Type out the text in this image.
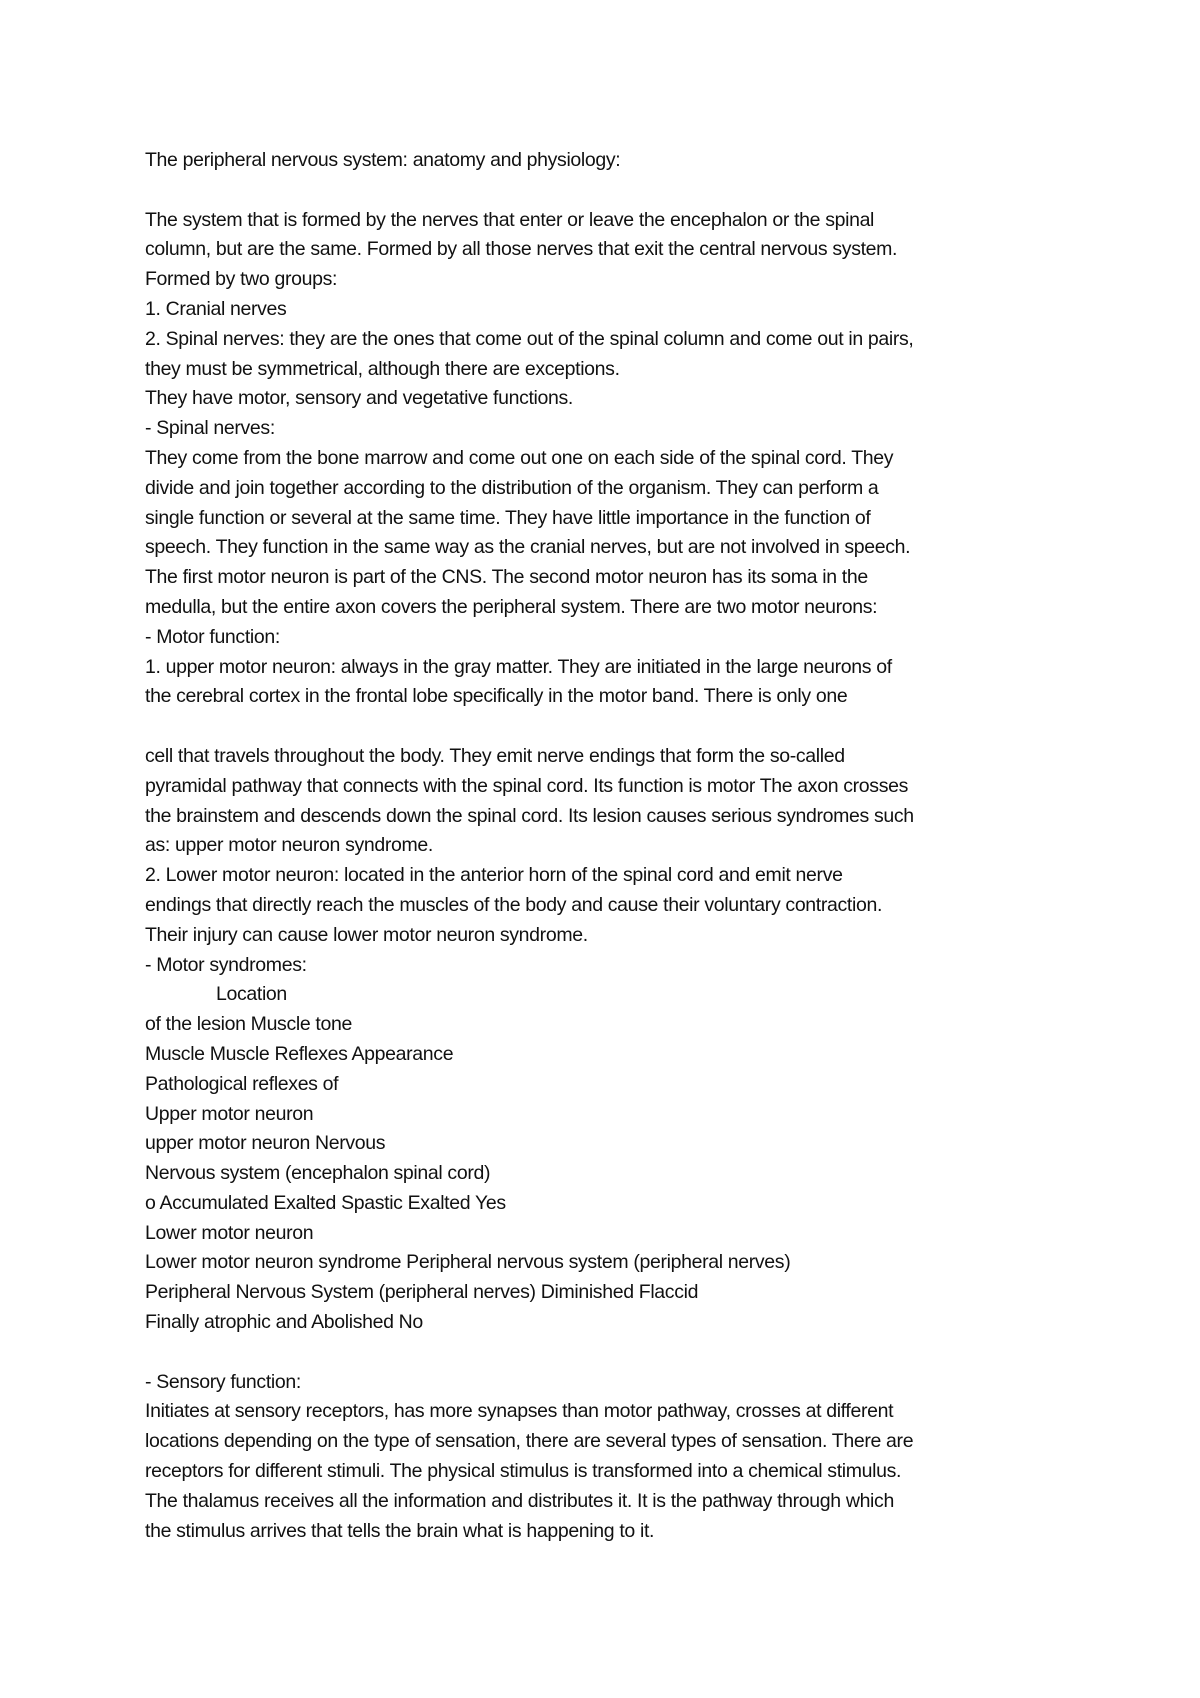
The peripheral nervous system: anatomy and physiology:
The system that is formed by the nerves that enter or leave the encephalon or the spinal
column, but are the same. Formed by all those nerves that exit the central nervous system.
Formed by two groups:
1. Cranial nerves
2. Spinal nerves: they are the ones that come out of the spinal column and come out in pairs,
they must be symmetrical, although there are exceptions.
They have motor, sensory and vegetative functions.
- Spinal nerves:
They come from the bone marrow and come out one on each side of the spinal cord. They
divide and join together according to the distribution of the organism. They can perform a
single function or several at the same time. They have little importance in the function of
speech. They function in the same way as the cranial nerves, but are not involved in speech.
The first motor neuron is part of the CNS. The second motor neuron has its soma in the
medulla, but the entire axon covers the peripheral system. There are two motor neurons:
- Motor function:
1. upper motor neuron: always in the gray matter. They are initiated in the large neurons of
the cerebral cortex in the frontal lobe specifically in the motor band. There is only one
cell that travels throughout the body. They emit nerve endings that form the so-called
pyramidal pathway that connects with the spinal cord. Its function is motor The axon crosses
the brainstem and descends down the spinal cord. Its lesion causes serious syndromes such
as: upper motor neuron syndrome.
2. Lower motor neuron: located in the anterior horn of the spinal cord and emit nerve
endings that directly reach the muscles of the body and cause their voluntary contraction.
Their injury can cause lower motor neuron syndrome.
- Motor syndromes:
Location
of the lesion Muscle tone
Muscle Muscle Reflexes Appearance
Pathological reflexes of
Upper motor neuron
upper motor neuron Nervous
Nervous system (encephalon spinal cord)
o Accumulated Exalted Spastic Exalted Yes
Lower motor neuron
Lower motor neuron syndrome Peripheral nervous system (peripheral nerves)
Peripheral Nervous System (peripheral nerves) Diminished Flaccid
Finally atrophic and Abolished No
- Sensory function:
Initiates at sensory receptors, has more synapses than motor pathway, crosses at different
locations depending on the type of sensation, there are several types of sensation. There are
receptors for different stimuli. The physical stimulus is transformed into a chemical stimulus.
The thalamus receives all the information and distributes it. It is the pathway through which
the stimulus arrives that tells the brain what is happening to it.
